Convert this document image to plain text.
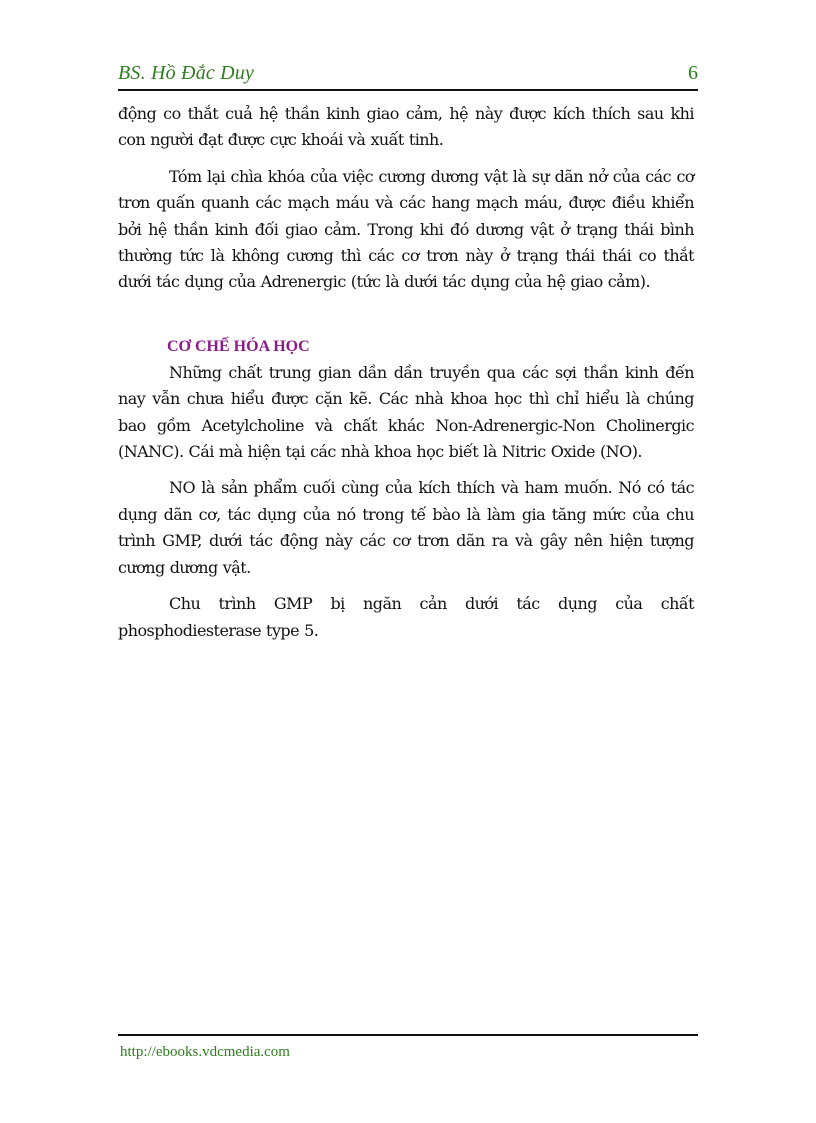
BS. Hồ Đắc Duy	6

động co thắt cuả hệ thần kinh giao cảm, hệ này được kích thích sau khi con người đạt được cực khoái và xuất tinh.

Tóm lại chìa khóa của việc cương dương vật là sự dãn nở của các cơ trơn quấn quanh các mạch máu và các hang mạch máu, được điều khiển bởi hệ thần kinh đối giao cảm. Trong khi đó dương vật ở trạng thái bình thường tức là không cương thì các cơ trơn này ở trạng thái thái co thắt dưới tác dụng của Adrenergic (tức là dưới tác dụng của hệ giao cảm).

CƠ CHẾ HÓA HỌC

Những chất trung gian dần dần truyền qua các sợi thần kinh đến nay vẫn chưa hiểu được cặn kẽ. Các nhà khoa học thì chỉ hiểu là chúng bao gồm Acetylcholine và chất khác Non-Adrenergic-Non Cholinergic (NANC). Cái mà hiện tại các nhà khoa học biết là Nitric Oxide (NO).

NO là sản phẩm cuối cùng của kích thích và ham muốn. Nó có tác dụng dãn cơ, tác dụng của nó trong tế bào là làm gia tăng mức của chu trình GMP, dưới tác động này các cơ trơn dãn ra và gây nên hiện tượng cương dương vật.

Chu trình GMP bị ngăn cản dưới tác dụng của chất phosphodiesterase type 5.

http://ebooks.vdcmedia.com
